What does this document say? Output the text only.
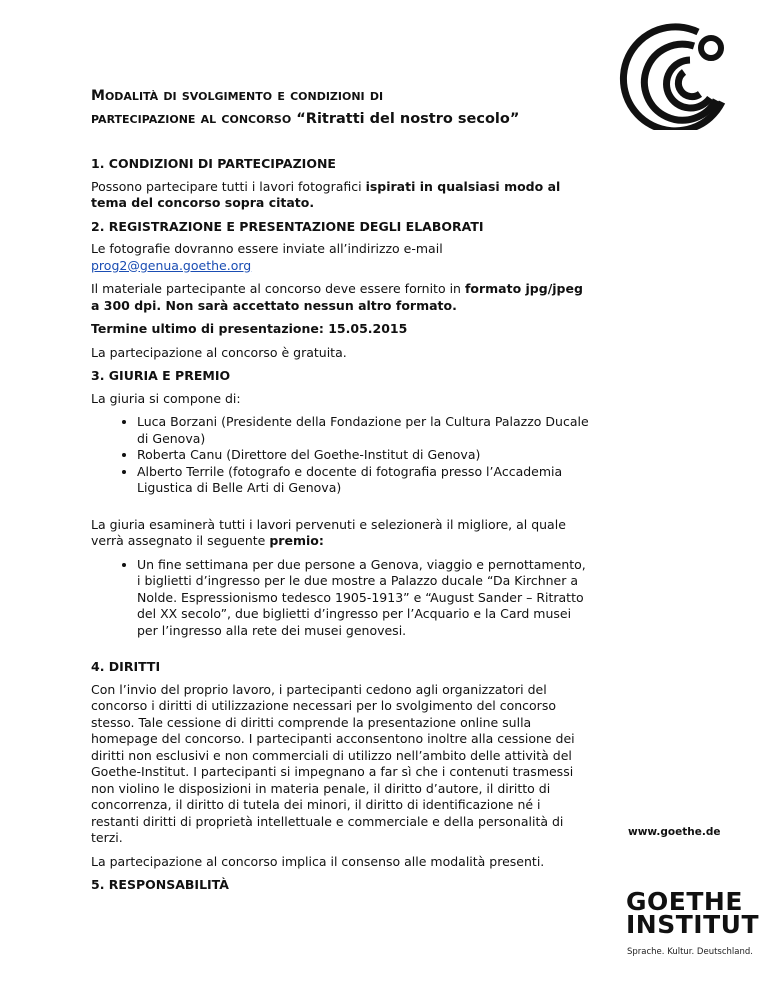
Modalità di svolgimento e condizioni di
partecipazione al concorso “Ritratti del nostro secolo”
1. CONDIZIONI DI PARTECIPAZIONE

Possono partecipare tutti i lavori fotografici ispirati in qualsiasi modo al tema del concorso sopra citato.

2. REGISTRAZIONE E PRESENTAZIONE DEGLI ELABORATI

Le fotografie dovranno essere inviate all’indirizzo e-mail
prog2@genua.goethe.org

Il materiale partecipante al concorso deve essere fornito in formato jpg/jpeg a 300 dpi. Non sarà accettato nessun altro formato.

Termine ultimo di presentazione: 15.05.2015

La partecipazione al concorso è gratuita.

3. GIURIA E PREMIO

La giuria si compone di:

• Luca Borzani (Presidente della Fondazione per la Cultura Palazzo Ducale di Genova)
• Roberta Canu (Direttore del Goethe-Institut di Genova)
• Alberto Terrile (fotografo e docente di fotografia presso l’Accademia Ligustica di Belle Arti di Genova)

La giuria esaminerà tutti i lavori pervenuti e selezionerà il migliore, al quale verrà assegnato il seguente premio:

• Un fine settimana per due persone a Genova, viaggio e pernottamento, i biglietti d’ingresso per le due mostre a Palazzo ducale “Da Kirchner a Nolde. Espressionismo tedesco 1905-1913” e “August Sander – Ritratto del XX secolo”, due biglietti d’ingresso per l’Acquario e la Card musei per l’ingresso alla rete dei musei genovesi.
4. DIRITTI

Con l’invio del proprio lavoro, i partecipanti cedono agli organizzatori del concorso i diritti di utilizzazione necessari per lo svolgimento del concorso stesso. Tale cessione di diritti comprende la presentazione online sulla homepage del concorso. I partecipanti acconsentono inoltre alla cessione dei diritti non esclusivi e non commerciali di utilizzo nell’ambito delle attività del Goethe-Institut. I partecipanti si impegnano a far sì che i contenuti trasmessi non violino le disposizioni in materia penale, il diritto d’autore, il diritto di concorrenza, il diritto di tutela dei minori, il diritto di identificazione né i restanti diritti di proprietà intellettuale e commerciale e della personalità di terzi.

La partecipazione al concorso implica il consenso alle modalità presenti.

5. RESPONSABILITÀ
www.goethe.de
GOETHE
INSTITUT
Sprache. Kultur. Deutschland.
